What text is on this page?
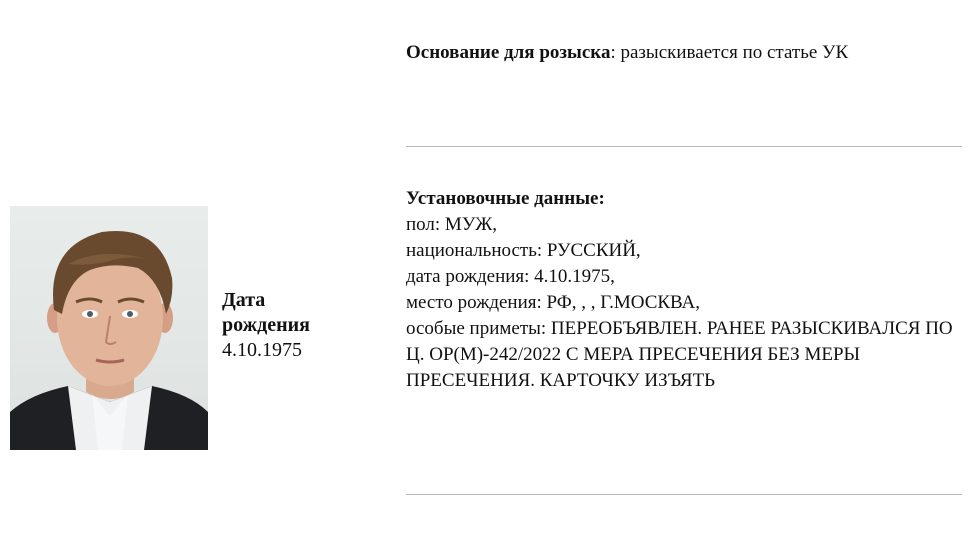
Дата
рождения
4.10.1975
Основание для розыска: разыскивается по статье УК
Установочные данные:
пол: МУЖ,
национальность: РУССКИЙ,
дата рождения: 4.10.1975,
место рождения: РФ, , , Г.МОСКВА,
особые приметы: ПЕРЕОБЪЯВЛЕН. РАНЕЕ РАЗЫСКИВАЛСЯ ПО Ц. ОР(М)-242/2022 С МЕРА ПРЕСЕЧЕНИЯ БЕЗ МЕРЫ ПРЕСЕЧЕНИЯ. КАРТОЧКУ ИЗЪЯТЬ
